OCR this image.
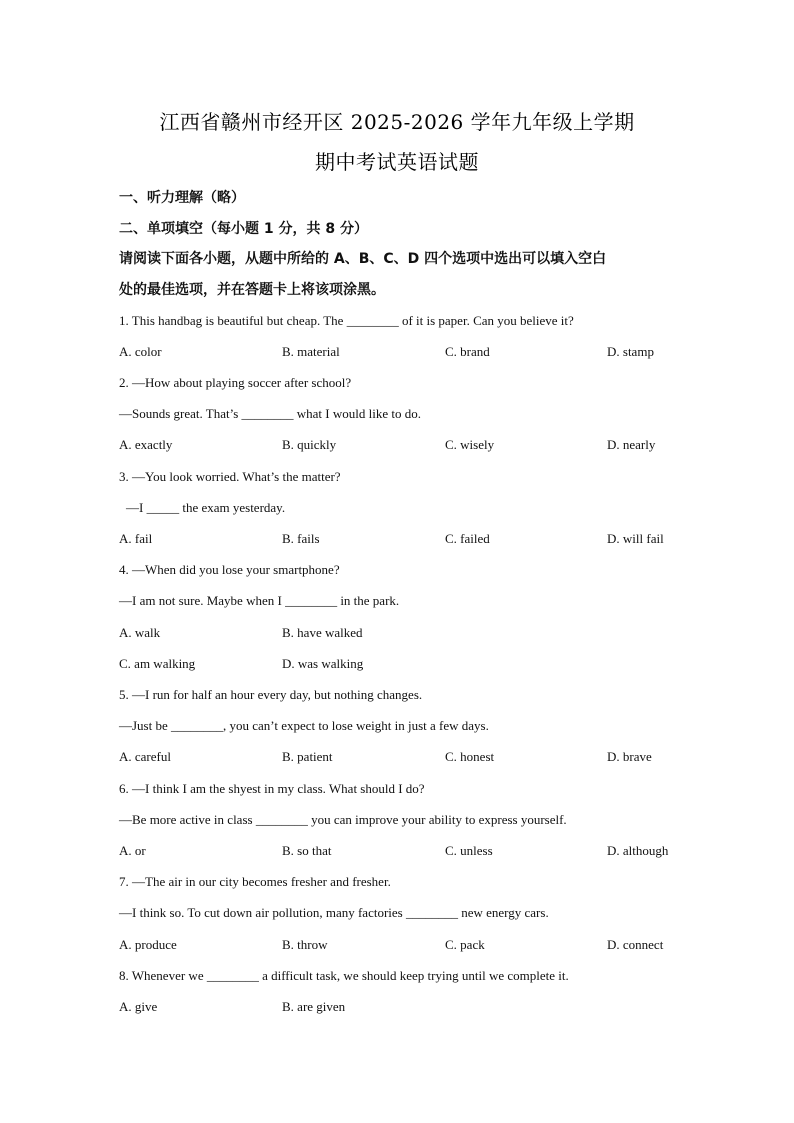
江西省赣州市经开区 2025-2026 学年九年级上学期
期中考试英语试题
一、听力理解（略）
二、单项填空（每小题 1 分，共 8 分）
请阅读下面各小题，从题中所给的 A、B、C、D 四个选项中选出可以填入空白
处的最佳选项，并在答题卡上将该项涂黑。
1. This handbag is beautiful but cheap. The ________ of it is paper. Can you believe it?
A. color	B. material	C. brand	D. stamp
2. —How about playing soccer after school?
—Sounds great. That’s ________ what I would like to do.
A. exactly	B. quickly	C. wisely	D. nearly
3. —You look worried. What’s the matter?
—I _____ the exam yesterday.
A. fail	B. fails	C. failed	D. will fail
4. —When did you lose your smartphone?
—I am not sure. Maybe when I ________ in the park.
A. walk	B. have walked
C. am walking	D. was walking
5. —I run for half an hour every day, but nothing changes.
—Just be ________, you can’t expect to lose weight in just a few days.
A. careful	B. patient	C. honest	D. brave
6. —I think I am the shyest in my class. What should I do?
—Be more active in class ________ you can improve your ability to express yourself.
A. or	B. so that	C. unless	D. although
7. —The air in our city becomes fresher and fresher.
—I think so. To cut down air pollution, many factories ________ new energy cars.
A. produce	B. throw	C. pack	D. connect
8. Whenever we ________ a difficult task, we should keep trying until we complete it.
A. give	B. are given
